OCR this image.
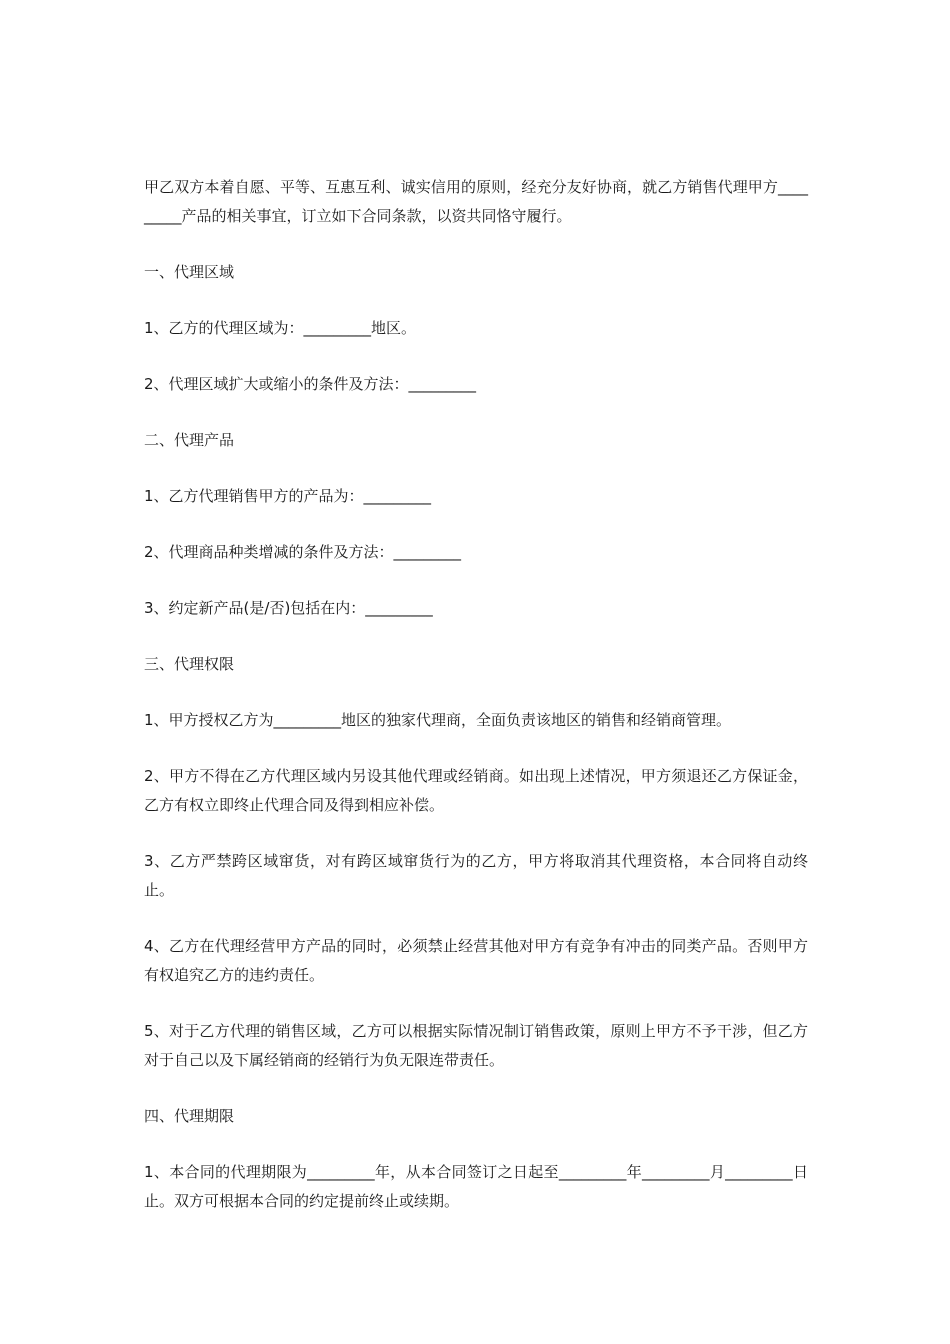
甲乙双方本着自愿、平等、互惠互利、诚实信用的原则，经充分友好协商，就乙方销售代理甲方_________产品的相关事宜，订立如下合同条款，以资共同恪守履行。

一、代理区域

1、乙方的代理区域为：_________地区。

2、代理区域扩大或缩小的条件及方法：_________

二、代理产品

1、乙方代理销售甲方的产品为：_________

2、代理商品种类增减的条件及方法：_________

3、约定新产品(是/否)包括在内：_________

三、代理权限

1、甲方授权乙方为_________地区的独家代理商，全面负责该地区的销售和经销商管理。

2、甲方不得在乙方代理区域内另设其他代理或经销商。如出现上述情况，甲方须退还乙方保证金，乙方有权立即终止代理合同及得到相应补偿。

3、乙方严禁跨区域窜货，对有跨区域窜货行为的乙方，甲方将取消其代理资格，本合同将自动终止。

4、乙方在代理经营甲方产品的同时，必须禁止经营其他对甲方有竞争有冲击的同类产品。否则甲方有权追究乙方的违约责任。

5、对于乙方代理的销售区域，乙方可以根据实际情况制订销售政策，原则上甲方不予干涉，但乙方对于自己以及下属经销商的经销行为负无限连带责任。

四、代理期限

1、本合同的代理期限为_________年，从本合同签订之日起至_________年_________月_________日止。双方可根据本合同的约定提前终止或续期。
